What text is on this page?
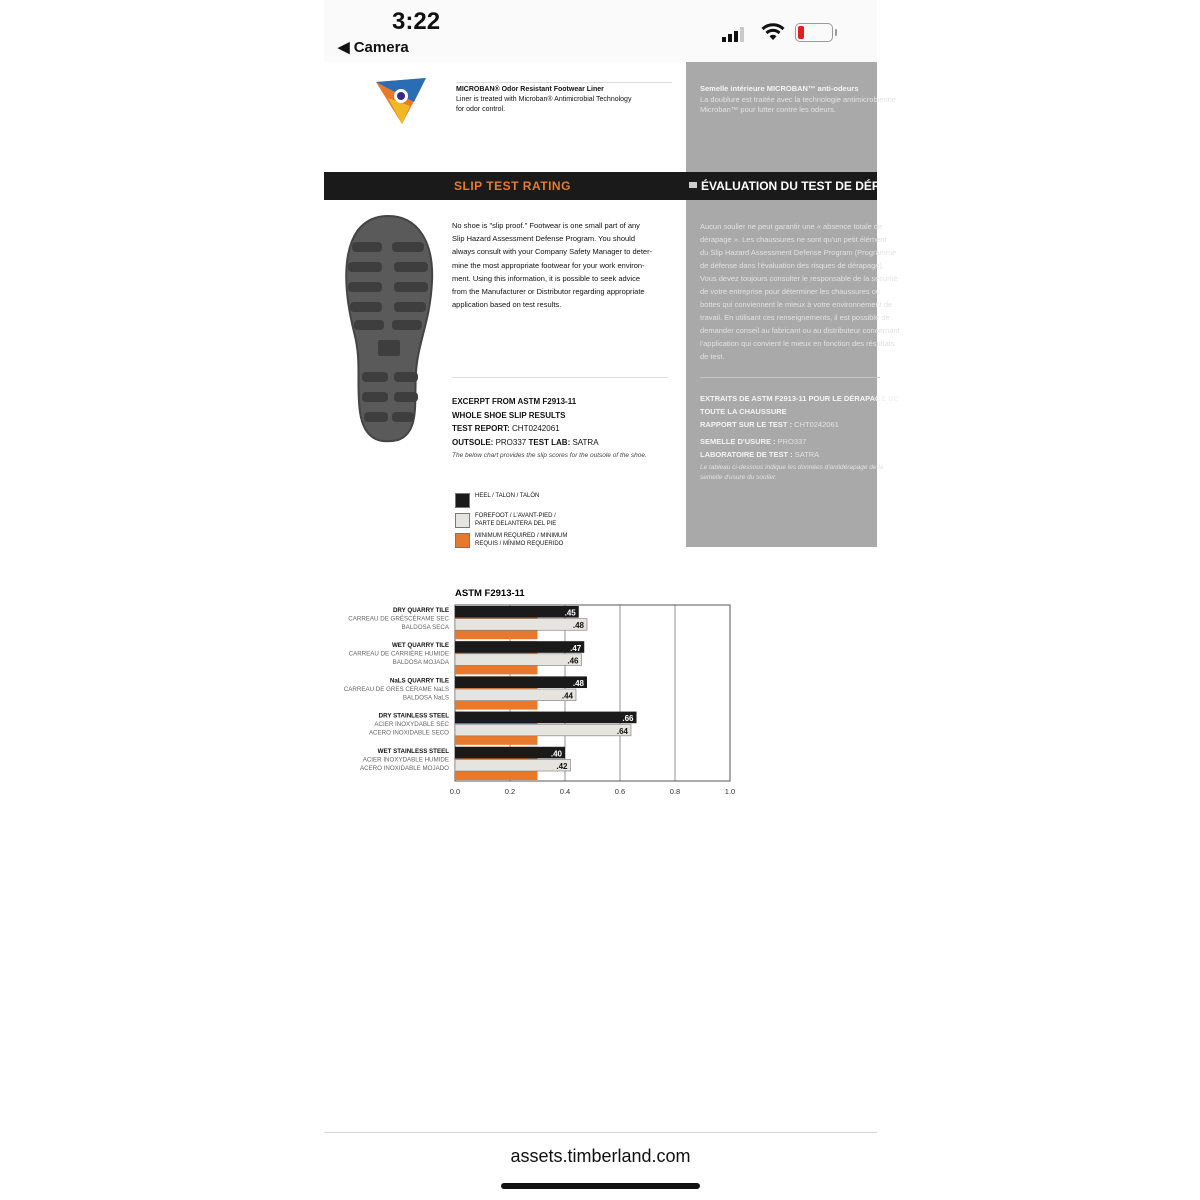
3:22
◀ Camera
Semelle intérieure MICROBAN™ anti-odeurs
La doublure est traitée avec la technologie antimicrobienne
Microban™ pour lutter contre les odeurs.
Aucun soulier ne peut garantir une « absence totale de
dérapage ». Les chaussures ne sont qu'un petit élément
du Slip Hazard Assessment Defense Program (Programme
de défense dans l'évaluation des risques de dérapage).
Vous devez toujours consulter le responsable de la sécurité
de votre entreprise pour déterminer les chaussures ou
bottes qui conviennent le mieux à votre environnement de
travail. En utilisant ces renseignements, il est possible de
demander conseil au fabricant ou au distributeur concernant
l'application qui convient le mieux en fonction des résultats
de test.
EXTRAITS DE ASTM F2913-11 POUR LE DÉRAPAGE DE
TOUTE LA CHAUSSURE
RAPPORT SUR LE TEST : CHT0242061
SEMELLE D'USURE : PRO337
LABORATOIRE DE TEST : SATRA
Le tableau ci-dessous indique les données d'antidérapage de la
semelle d'usure du soulier.
MICROBAN® Odor Resistant Footwear Liner
Liner is treated with Microban® Antimicrobial Technology
for odor control.
SLIP TEST RATING	ÉVALUATION DU TEST DE DÉRAPAGE
No shoe is "slip proof." Footwear is one small part of any
Slip Hazard Assessment Defense Program. You should
always consult with your Company Safety Manager to deter-
mine the most appropriate footwear for your work environ-
ment. Using this information, it is possible to seek advice
from the Manufacturer or Distributor regarding appropriate
application based on test results.
EXCERPT FROM ASTM F2913-11
WHOLE SHOE SLIP RESULTS
TEST REPORT: CHT0242061
OUTSOLE: PRO337 TEST LAB: SATRA
The below chart provides the slip scores for the outsole of the shoe.
HEEL / TALON / TALÓN
FOREFOOT / L'AVANT-PIED /
PARTE DELANTERA DEL PIE
MINIMUM REQUIRED / MINIMUM
REQUIS / MÍNIMO REQUERIDO
ASTM F2913-11
0.0	0.2	0.4	0.6	0.8	1.0
.45
.48
DRY QUARRY TILE
CARREAU DE GRÉSCÉRAME SEC
BALDOSA SECA
.47
.46
WET QUARRY TILE
CARREAU DE CARRIÈRE HUMIDE
BALDOSA MOJADA
.48
.44
NaLS QUARRY TILE
CARREAU DE GRES CERAME NaLS
BALDOSA NaLS
.66
.64
DRY STAINLESS STEEL
ACIER INOXYDABLE SEC
ACERO INOXIDABLE SECO
.40
.42
WET STAINLESS STEEL
ACIER INOXYDABLE HUMIDE
ACERO INOXIDABLE MOJADO
assets.timberland.com
